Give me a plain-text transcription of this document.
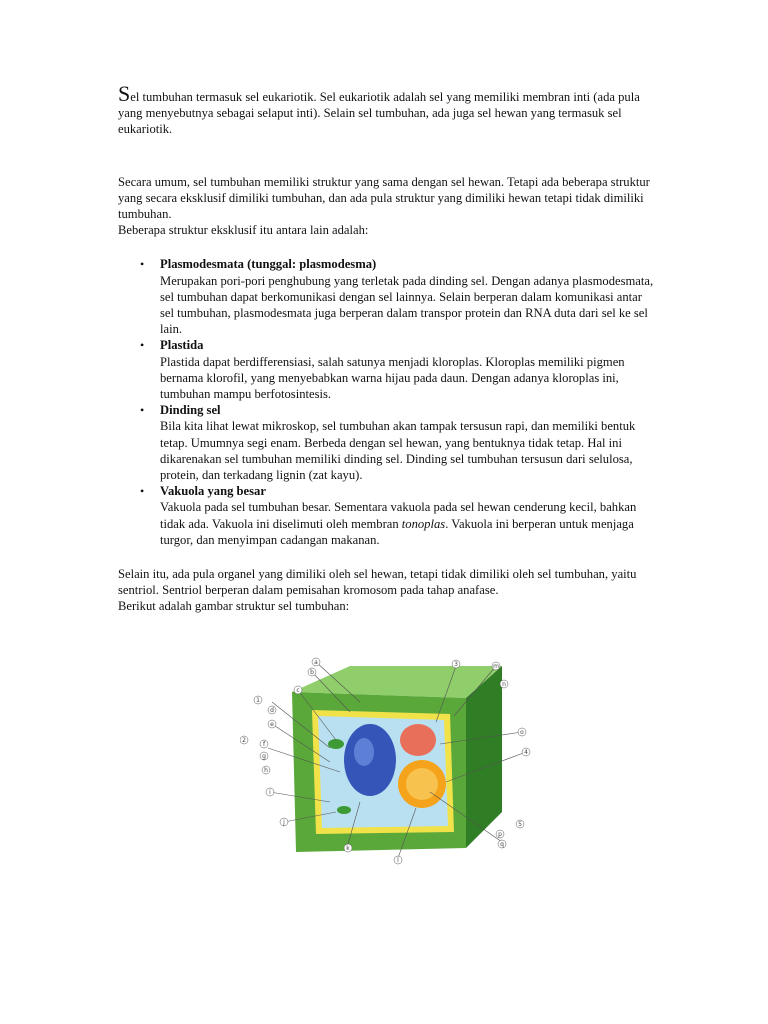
Sel tumbuhan termasuk sel eukariotik. Sel eukariotik adalah sel yang memiliki membran inti (ada pula yang menyebutnya sebagai selaput inti). Selain sel tumbuhan, ada juga sel hewan yang termasuk sel eukariotik.

Secara umum, sel tumbuhan memiliki struktur yang sama dengan sel hewan. Tetapi ada beberapa struktur yang secara eksklusif dimiliki tumbuhan, dan ada pula struktur yang dimiliki hewan tetapi tidak dimiliki tumbuhan.
Beberapa struktur eksklusif itu antara lain adalah:

• Plasmodesmata (tunggal: plasmodesma)
Merupakan pori-pori penghubung yang terletak pada dinding sel. Dengan adanya plasmodesmata, sel tumbuhan dapat berkomunikasi dengan sel lainnya. Selain berperan dalam komunikasi antar sel tumbuhan, plasmodesmata juga berperan dalam transpor protein dan RNA duta dari sel ke sel lain.
• Plastida
Plastida dapat berdifferensiasi, salah satunya menjadi kloroplas. Kloroplas memiliki pigmen bernama klorofil, yang menyebabkan warna hijau pada daun. Dengan adanya kloroplas ini, tumbuhan mampu berfotosintesis.
• Dinding sel
Bila kita lihat lewat mikroskop, sel tumbuhan akan tampak tersusun rapi, dan memiliki bentuk tetap. Umumnya segi enam. Berbeda dengan sel hewan, yang bentuknya tidak tetap. Hal ini dikarenakan sel tumbuhan memiliki dinding sel. Dinding sel tumbuhan tersusun dari selulosa, protein, dan terkadang lignin (zat kayu).
• Vakuola yang besar
Vakuola pada sel tumbuhan besar. Sementara vakuola pada sel hewan cenderung kecil, bahkan tidak ada. Vakuola ini diselimuti oleh membran tonoplas. Vakuola ini berperan untuk menjaga turgor, dan menyimpan cadangan makanan.

Selain itu, ada pula organel yang dimiliki oleh sel hewan, tetapi tidak dimiliki oleh sel tumbuhan, yaitu sentriol. Sentriol berperan dalam pemisahan kromosom pada tahap anafase.
Berikut adalah gambar struktur sel tumbuhan:

a
b
c
1
d
e
2
f
g
h
i
j
k
l
3	m
n
o
4
5
p
q
